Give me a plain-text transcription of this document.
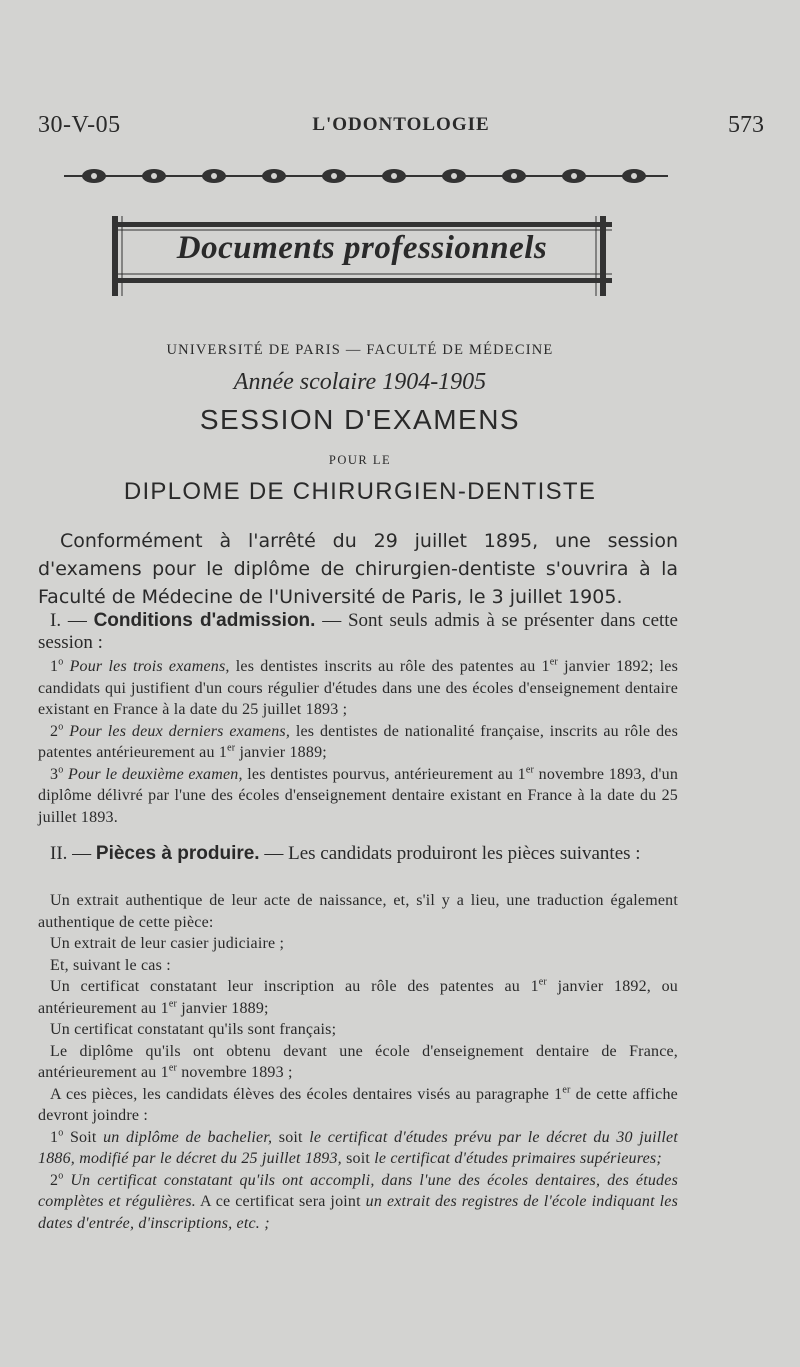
30-V-05	L'ODONTOLOGIE	573
Documents professionnels
UNIVERSITÉ DE PARIS — FACULTÉ DE MÉDECINE
Année scolaire 1904-1905
SESSION D'EXAMENS
POUR LE
DIPLOME DE CHIRURGIEN-DENTISTE

Conformément à l'arrêté du 29 juillet 1895, une session d'examens pour le diplôme de chirurgien-dentiste s'ouvrira à la Faculté de Médecine de l'Université de Paris, le 3 juillet 1905.

I. — Conditions d'admission. — Sont seuls admis à se présenter dans cette session :

1$^o$ Pour les trois examens, les dentistes inscrits au rôle des patentes au 1er janvier 1892; les candidats qui justifient d'un cours régulier d'études dans une des écoles d'enseignement dentaire existant en France à la date du 25 juillet 1893 ;

2$^o$ Pour les deux derniers examens, les dentistes de nationalité française, inscrits au rôle des patentes antérieurement au 1er janvier 1889;

3$^o$ Pour le deuxième examen, les dentistes pourvus, antérieurement au 1er novembre 1893, d'un diplôme délivré par l'une des écoles d'enseignement dentaire existant en France à la date du 25 juillet 1893.

II. — Pièces à produire. — Les candidats produiront les pièces suivantes :

Un extrait authentique de leur acte de naissance, et, s'il y a lieu, une traduction également authentique de cette pièce:

Un extrait de leur casier judiciaire ;

Et, suivant le cas :

Un certificat constatant leur inscription au rôle des patentes au 1er janvier 1892, ou antérieurement au 1er janvier 1889;

Un certificat constatant qu'ils sont français;

Le diplôme qu'ils ont obtenu devant une école d'enseignement dentaire de France, antérieurement au 1er novembre 1893 ;

A ces pièces, les candidats élèves des écoles dentaires visés au paragraphe 1er de cette affiche devront joindre :

1$^o$ Soit un diplôme de bachelier, soit le certificat d'études prévu par le décret du 30 juillet 1886, modifié par le décret du 25 juillet 1893, soit le certificat d'études primaires supérieures;

2$^o$ Un certificat constatant qu'ils ont accompli, dans l'une des écoles dentaires, des études complètes et régulières. A ce certificat sera joint un extrait des registres de l'école indiquant les dates d'entrée, d'inscriptions, etc. ;
